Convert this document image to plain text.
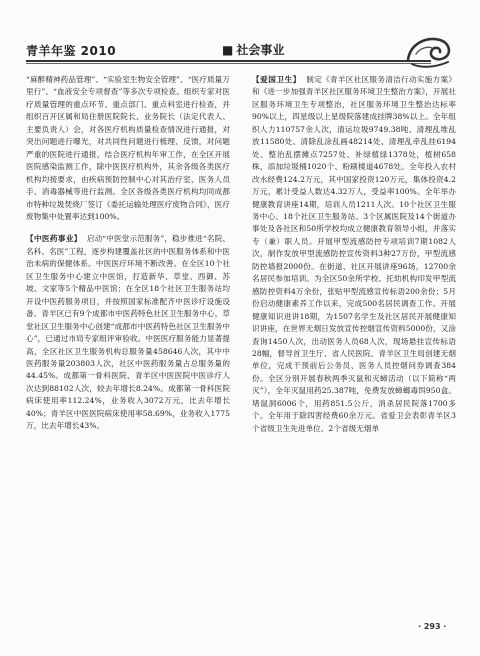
青羊年鉴 2010	■ 社会事业

“麻醉精神药品管理”、“实验室生物安全管理”、“医疗质量万里行”、“血液安全专项督查”等多次专项检查。组织专家对医疗质量管理的重点环节、重点部门、重点科室进行检查，并组织百开区属和局住册医院院长、业务院长（法定代表人、主要负责人）会，对各医疗机构质量检查情况进行通报，对突出问题进行曝光，对共同性问题进行梳理、反馈，对问题严重的医院进行通报，结合医疗机构年审工作，在全区开展医院感染监测工作，除中医医疗机构外，其余各级各类医疗机构均接要求，由疾病预防控制中心对其治疗室、医务人员手、消毒器械等进行监测。全区各级各类医疗机构均同成都市特种垃圾焚烧厂签订《委托运输处理医疗废物合同》，医疗废物集中处置率达到100%。

【中医药事业】 启动“中医堂示范服务”，稳步推进“名院、名科、名医”工程，逐步构建覆盖社区的中医服务体系和中医治未病的保健体系。中医医疗环境不断改善。在全区10个社区卫生服务中心建立中医馆，打造新华、草堂、西御、苏坡、文家等5个精品中医馆；在全区18个社区卫生服务站均开设中医药服务项目，并按照国家标准配齐中医诊疗设施设备。青羊区已有9个成都市中医药特色社区卫生服务中心，草堂社区卫生服务中心创建“成都市中医药特色社区卫生服务中心”，已通过市局专家组评审验收。中医医疗服务能力显著提高，全区社区卫生服务机构总服务量458646人次，其中中医药服务量203803人次，社区中医药服务量占总服务量的44.45%。成都第一骨科医院、青羊区中医医院中医诊疗人次达到88102人次，较去年增长8.24%。成都第一骨科医院病床使用率112.24%，业务收入3072万元，比去年增长40%；青羊区中医医院病床使用率58.69%，业务收入1775万，比去年增长43%。

【爱国卫生】 制定《青羊区社区服务清洁行动实施方案》和《进一步加强青羊区社区服务环境卫生整治方案》，开展社区服务环境卫生专项整治，社区服务环境卫生整治达标率90%以上，四星级以上星级院落建成挂牌38%以上。全年组织人力110757余人次，清运垃圾9749.38吨、清理乱堆乱放11580处、清除乱涂乱画48214处、清理乱牵乱挂6194处、整治乱摆摊点7257处、补绿植绿1378处，植树658株，添加垃圾桶1020个、粉刷楼道4678处。全年投入农村改水经费124.2万元，其中国家投资120万元，集体投资4.2万元，累计受益人数达4.32万人，受益率100%。全年举办健康教育讲座14期，培训人员1211人次。10个社区卫生服务中心、18个社区卫生服务站、3个区属医院及14个街道办事处及各社区和50所学校均成立健康教育领导小组，并落实专（兼）职人员。开展甲型流感防控专项培训7期1082人次，制作发放甲型流感防控宣传资料3种27万份，甲型流感防控墙报2000份。在街道、社区开展讲座96场，12700余名居民参加培训。为全区50余所学校、托幼机构印发甲型流感防控资料4万余份，张贴甲型流感宣传标语200余份；5月份启动健康素养工作以来，完成500名居民调查工作。开展健康知识进讲18期，为1507名学生及社区居民开展健康知识讲座，在世界无烟日发放宣传控烟宣传资料5000份，又涂查询1450人次，出动医务人员68人次，现场悬挂宣传标语28幅，督导首卫生厅、省人民医院、青羊区卫生局创建无烟单位，完成干预前后公务员、医务人员控烟问券调查384份。全区分别开展春秋两季灭鼠和灭蟑活动（以下简称“两灭”），全年灭鼠用药25.387吨，免费发放蟑螂毒饵950盒。堵鼠洞6006个，用药851.5公斤，消杀居民院落1700多个。全年用于除四害经费60余万元。省爱卫会表彰青羊区3个省级卫生先进单位、2个省级无烟单

· 293 ·
